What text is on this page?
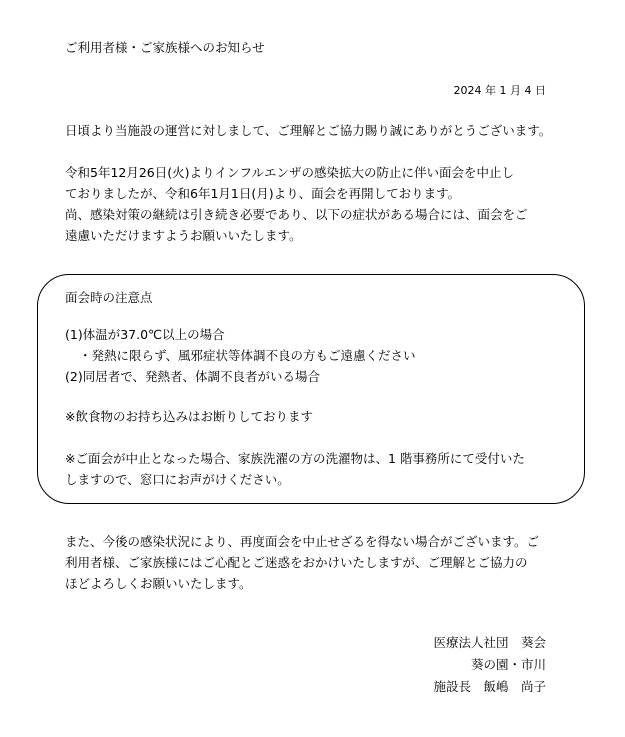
ご利用者様・ご家族様へのお知らせ
2024 年 1 月 4 日
日頃より当施設の運営に対しまして、ご理解とご協力賜り誠にありがとうございます。
令和5年12月26日(火)よりインフルエンザの感染拡大の防止に伴い面会を中止し
ておりましたが、令和6年1月1日(月)より、面会を再開しております。
尚、感染対策の継続は引き続き必要であり、以下の症状がある場合には、面会をご
遠慮いただけますようお願いいたします。
面会時の注意点
(1)体温が37.0℃以上の場合
・発熱に限らず、風邪症状等体調不良の方もご遠慮ください
(2)同居者で、発熱者、体調不良者がいる場合
※飲食物のお持ち込みはお断りしております
※ご面会が中止となった場合、家族洗濯の方の洗濯物は、1 階事務所にて受付いた
しますので、窓口にお声がけください。
また、今後の感染状況により、再度面会を中止せざるを得ない場合がございます。ご
利用者様、ご家族様にはご心配とご迷惑をおかけいたしますが、ご理解とご協力の
ほどよろしくお願いいたします。
医療法人社団　葵会
葵の園・市川
施設長　飯嶋　尚子
